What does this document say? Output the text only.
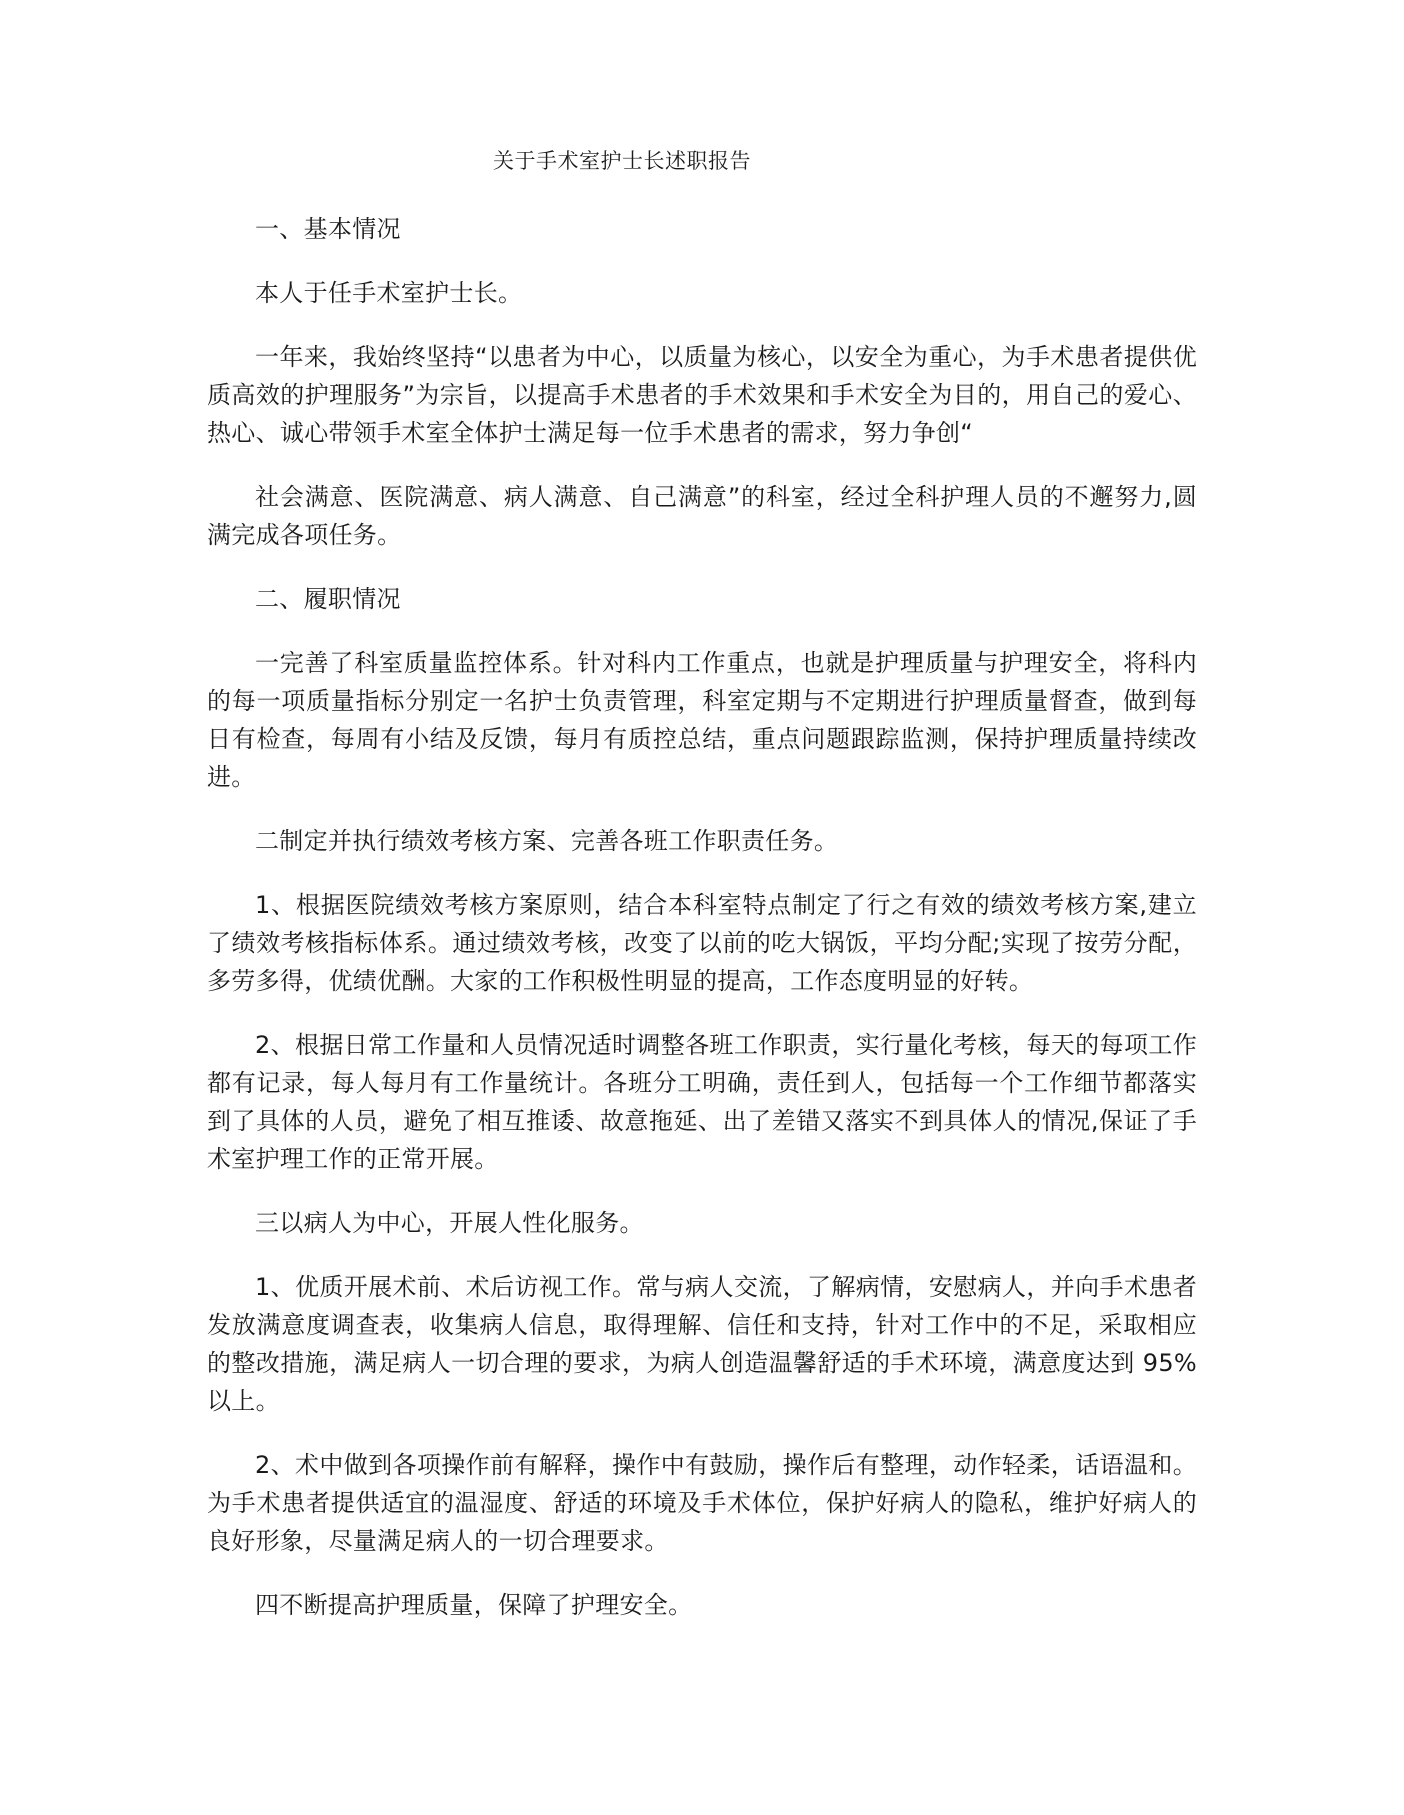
关于手术室护士长述职报告

一、基本情况

本人于任手术室护士长。

一年来，我始终坚持“以患者为中心，以质量为核心，以安全为重心，为手术患者提供优质高效的护理服务”为宗旨，以提高手术患者的手术效果和手术安全为目的，用自己的爱心、热心、诚心带领手术室全体护士满足每一位手术患者的需求，努力争创“

社会满意、医院满意、病人满意、自己满意”的科室，经过全科护理人员的不邂努力,圆满完成各项任务。

二、履职情况

一完善了科室质量监控体系。针对科内工作重点，也就是护理质量与护理安全，将科内的每一项质量指标分别定一名护士负责管理，科室定期与不定期进行护理质量督查，做到每日有检查，每周有小结及反馈，每月有质控总结，重点问题跟踪监测，保持护理质量持续改进。

二制定并执行绩效考核方案、完善各班工作职责任务。

1、根据医院绩效考核方案原则，结合本科室特点制定了行之有效的绩效考核方案,建立了绩效考核指标体系。通过绩效考核，改变了以前的吃大锅饭，平均分配;实现了按劳分配，多劳多得，优绩优酬。大家的工作积极性明显的提高，工作态度明显的好转。

2、根据日常工作量和人员情况适时调整各班工作职责，实行量化考核，每天的每项工作都有记录，每人每月有工作量统计。各班分工明确，责任到人，包括每一个工作细节都落实到了具体的人员，避免了相互推诿、故意拖延、出了差错又落实不到具体人的情况,保证了手术室护理工作的正常开展。

三以病人为中心，开展人性化服务。

1、优质开展术前、术后访视工作。常与病人交流，了解病情，安慰病人，并向手术患者发放满意度调查表，收集病人信息，取得理解、信任和支持，针对工作中的不足，采取相应的整改措施，满足病人一切合理的要求，为病人创造温馨舒适的手术环境，满意度达到 95%以上。

2、术中做到各项操作前有解释，操作中有鼓励，操作后有整理，动作轻柔，话语温和。为手术患者提供适宜的温湿度、舒适的环境及手术体位，保护好病人的隐私，维护好病人的良好形象，尽量满足病人的一切合理要求。

四不断提高护理质量，保障了护理安全。
